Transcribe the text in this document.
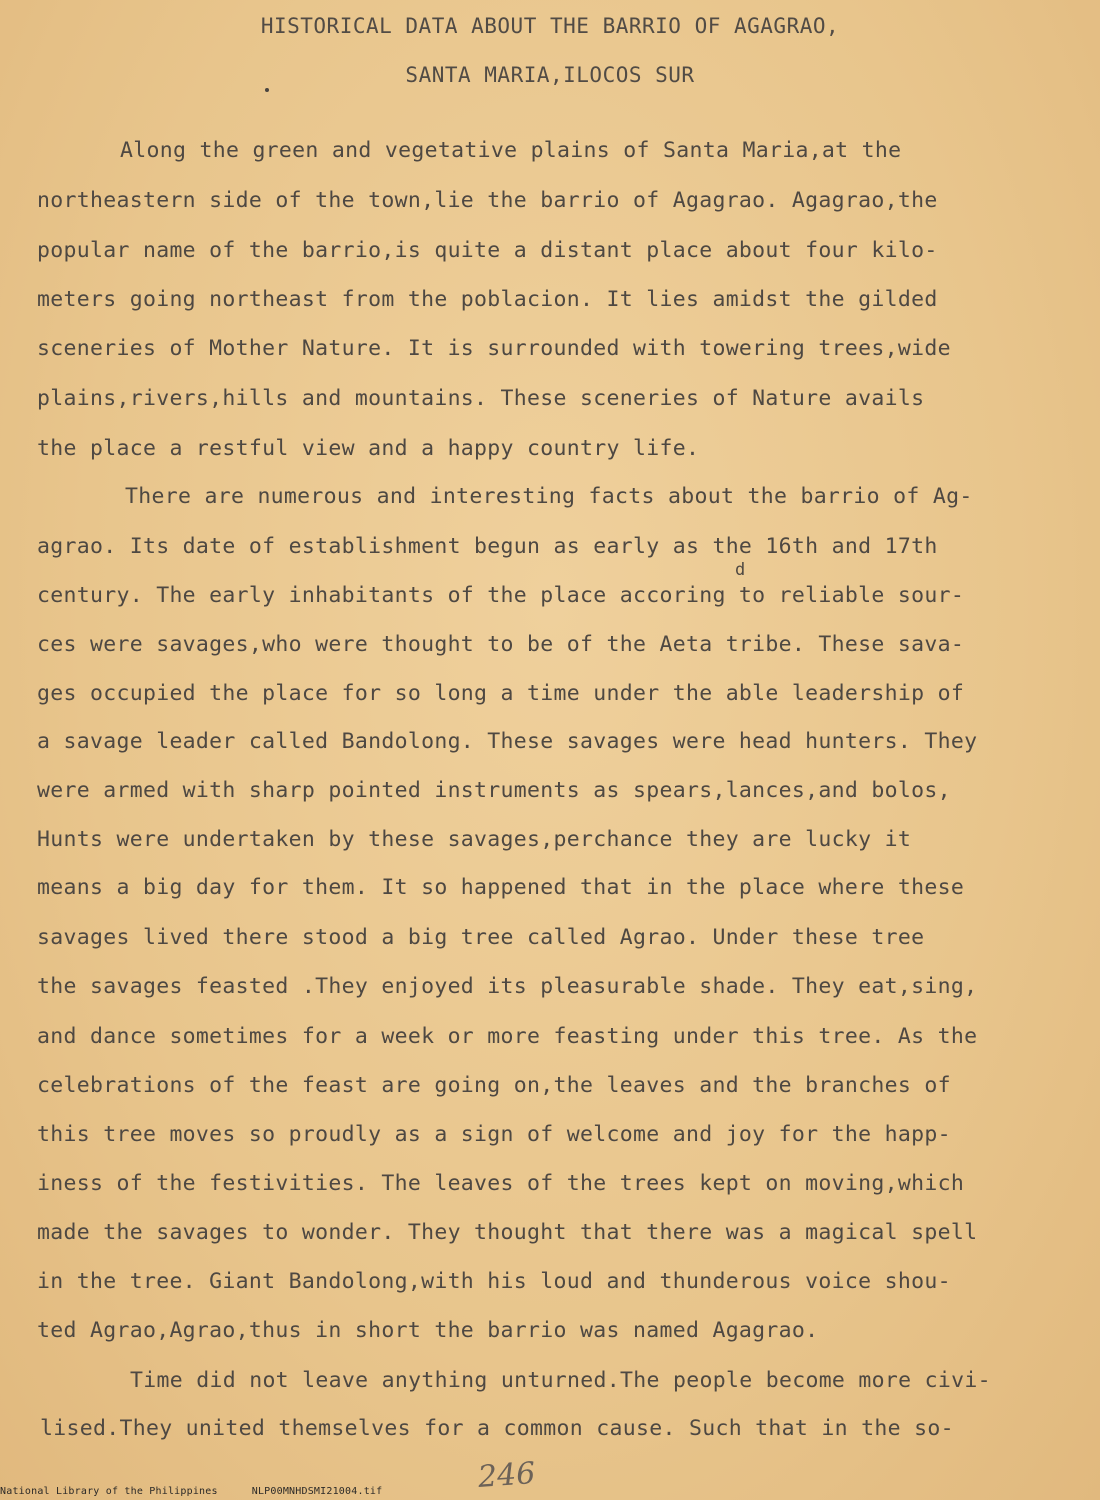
HISTORICAL DATA ABOUT THE BARRIO OF AGAGRAO,
SANTA MARIA,ILOCOS SUR
Along the green and vegetative plains of Santa Maria,at the
northeastern side of the town,lie the barrio of Agagrao. Agagrao,the
popular name of the barrio,is quite a distant place about four kilo-
meters going northeast from the poblacion. It lies amidst the gilded
sceneries of Mother Nature. It is surrounded with towering trees,wide
plains,rivers,hills and mountains. These sceneries of Nature avails
the place a restful view and a happy country life.
There are numerous and interesting facts about the barrio of Ag-
agrao. Its date of establishment begun as early as the 16th and 17th
d
century. The early inhabitants of the place accoring to reliable sour-
ces were savages,who were thought to be of the Aeta tribe. These sava-
ges occupied the place for so long a time under the able leadership of
a savage leader called Bandolong. These savages were head hunters. They
were armed with sharp pointed instruments as spears,lances,and bolos,
Hunts were undertaken by these savages,perchance they are lucky it
means a big day for them. It so happened that in the place where these
savages lived there stood a big tree called Agrao. Under these tree
the savages feasted .They enjoyed its pleasurable shade. They eat,sing,
and dance sometimes for a week or more feasting under this tree. As the
celebrations of the feast are going on,the leaves and the branches of
this tree moves so proudly as a sign of welcome and joy for the happ-
iness of the festivities. The leaves of the trees kept on moving,which
made the savages to wonder. They thought that there was a magical spell
in the tree. Giant Bandolong,with his loud and thunderous voice shou-
ted Agrao,Agrao,thus in short the barrio was named Agagrao.
Time did not leave anything unturned.The people become more civi-
lised.They united themselves for a common cause. Such that in the so-
246
National Library of the Philippines	NLP00MNHDSMI21004.tif
